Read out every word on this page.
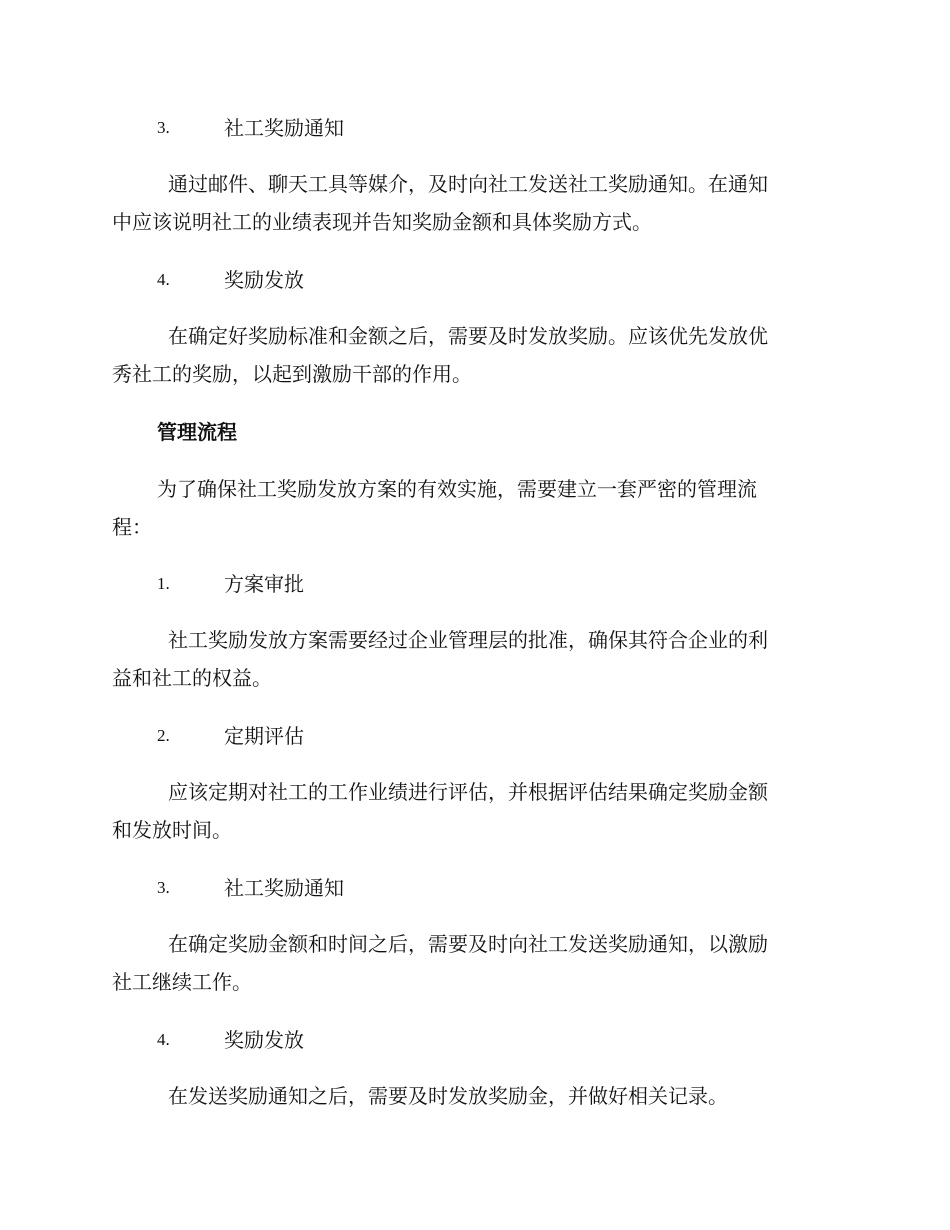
3.	社工奖励通知
通过邮件、聊天工具等媒介，及时向社工发送社工奖励通知。在通知
中应该说明社工的业绩表现并告知奖励金额和具体奖励方式。
4.	奖励发放
在确定好奖励标准和金额之后，需要及时发放奖励。应该优先发放优
秀社工的奖励，以起到激励干部的作用。
管理流程
为了确保社工奖励发放方案的有效实施，需要建立一套严密的管理流
程：
1.	方案审批
社工奖励发放方案需要经过企业管理层的批准，确保其符合企业的利
益和社工的权益。
2.	定期评估
应该定期对社工的工作业绩进行评估，并根据评估结果确定奖励金额
和发放时间。
3.	社工奖励通知
在确定奖励金额和时间之后，需要及时向社工发送奖励通知，以激励
社工继续工作。
4.	奖励发放
在发送奖励通知之后，需要及时发放奖励金，并做好相关记录。
